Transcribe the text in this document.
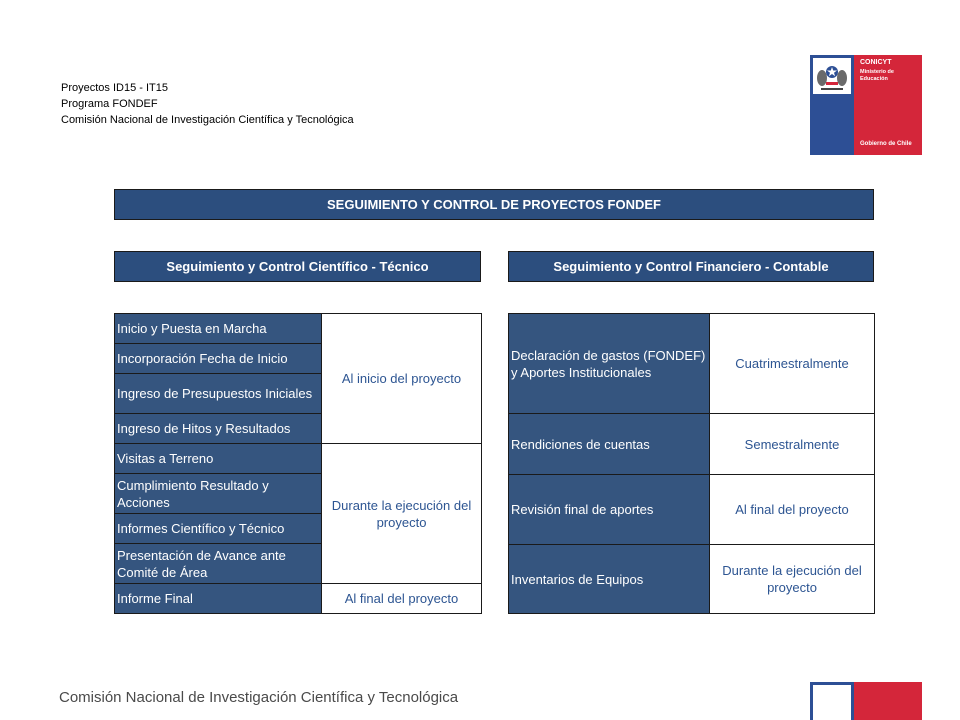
Proyectos ID15 - IT15
Programa FONDEF
Comisión Nacional de Investigación Científica y Tecnológica
CONICYT
Ministerio de
Educación
Gobierno de Chile
SEGUIMIENTO Y CONTROL DE PROYECTOS FONDEF
Seguimiento y Control Científico - Técnico	Seguimiento y Control Financiero - Contable
Inicio y Puesta en Marcha	Al inicio del proyecto
Incorporación Fecha de Inicio	
Ingreso de Presupuestos Iniciales	
Ingreso de Hitos y Resultados	
Visitas a Terreno	Durante la ejecución del proyecto
Cumplimiento Resultado y Acciones	
Informes Científico y Técnico	
Presentación de Avance ante Comité de Área	
Informe Final	Al final del proyecto
Declaración de gastos (FONDEF) y Aportes Institucionales	Cuatrimestralmente
Rendiciones de cuentas	Semestralmente
Revisión final de aportes	Al final del proyecto
Inventarios de Equipos	Durante la ejecución del proyecto
Comisión Nacional de Investigación Científica y Tecnológica
